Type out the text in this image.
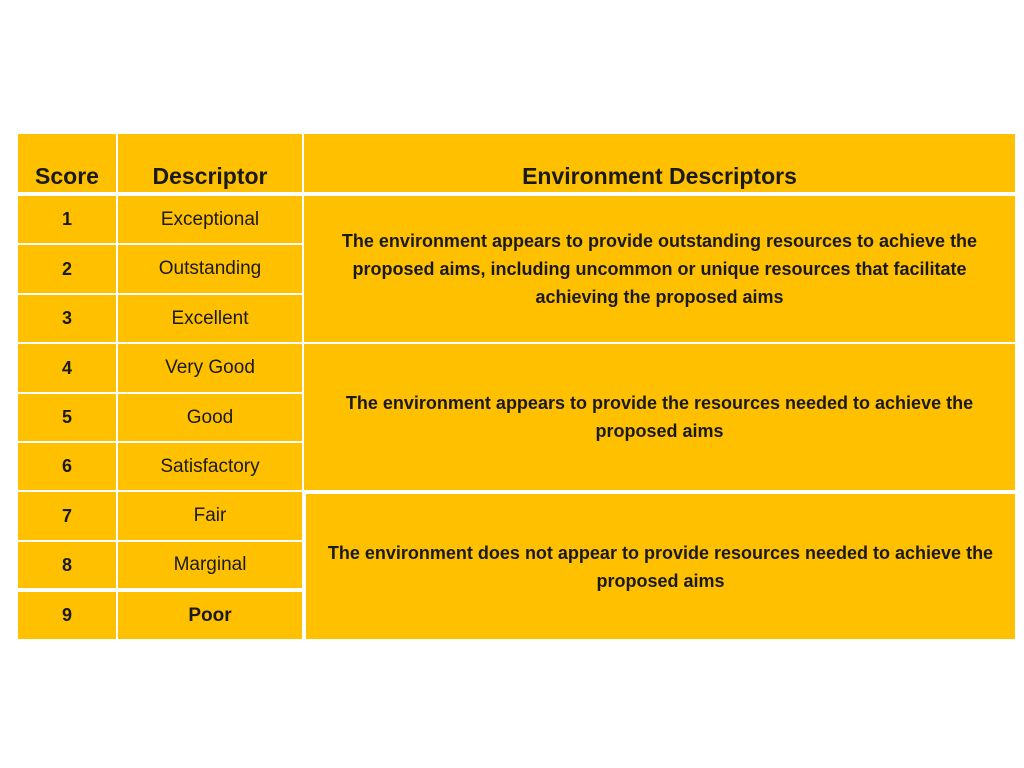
Score	Descriptor	Environment Descriptors
1	Exceptional
2	Outstanding
3	Excellent
The environment appears to provide outstanding resources to achieve the proposed aims, including uncommon or unique resources that facilitate achieving the proposed aims
4	Very Good
5	Good
6	Satisfactory
The environment appears to provide the resources needed to achieve the proposed aims
7	Fair
8	Marginal
9	Poor
The environment does not appear to provide resources needed to achieve the proposed aims
